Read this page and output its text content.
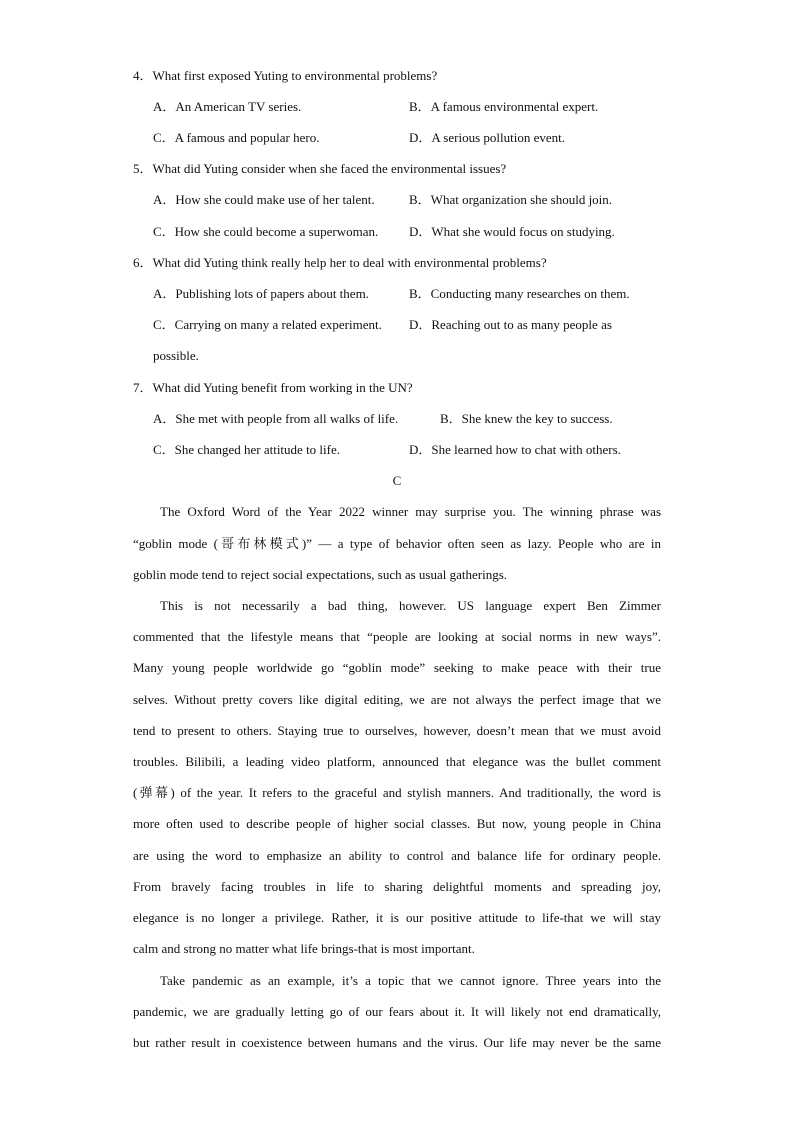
4．What first exposed Yuting to environmental problems?
A．An American TV series.	B．A famous environmental expert.
C．A famous and popular hero.	D．A serious pollution event.
5．What did Yuting consider when she faced the environmental issues?
A．How she could make use of her talent.	B．What organization she should join.
C．How she could become a superwoman. D．What she would focus on studying.
6．What did Yuting think really help her to deal with environmental problems?
A．Publishing lots of papers about them.	B．Conducting many researches on them.
C．Carrying on many a related experiment. D．Reaching out to as many people as
possible.
7．What did Yuting benefit from working in the UN?
A．She met with people from all walks of life.	B．She knew the key to success.
C．She changed her attitude to life.	D．She learned how to chat with others.
C
The Oxford Word of the Year 2022 winner may surprise you. The winning phrase was
“goblin mode (哥布林模式)” — a type of behavior often seen as lazy. People who are in
goblin mode tend to reject social expectations, such as usual gatherings.
This is not necessarily a bad thing, however. US language expert Ben Zimmer
commented that the lifestyle means that “people are looking at social norms in new ways”.
Many young people worldwide go “goblin mode” seeking to make peace with their true
selves. Without pretty covers like digital editing, we are not always the perfect image that we
tend to present to others. Staying true to ourselves, however, doesn’t mean that we must avoid
troubles. Bilibili, a leading video platform, announced that elegance was the bullet comment
(弹幕) of the year. It refers to the graceful and stylish manners. And traditionally, the word is
more often used to describe people of higher social classes. But now, young people in China
are using the word to emphasize an ability to control and balance life for ordinary people.
From bravely facing troubles in life to sharing delightful moments and spreading joy,
elegance is no longer a privilege. Rather, it is our positive attitude to life-that we will stay
calm and strong no matter what life brings-that is most important.
Take pandemic as an example, it’s a topic that we cannot ignore. Three years into the
pandemic, we are gradually letting go of our fears about it. It will likely not end dramatically,
but rather result in coexistence between humans and the virus. Our life may never be the same
